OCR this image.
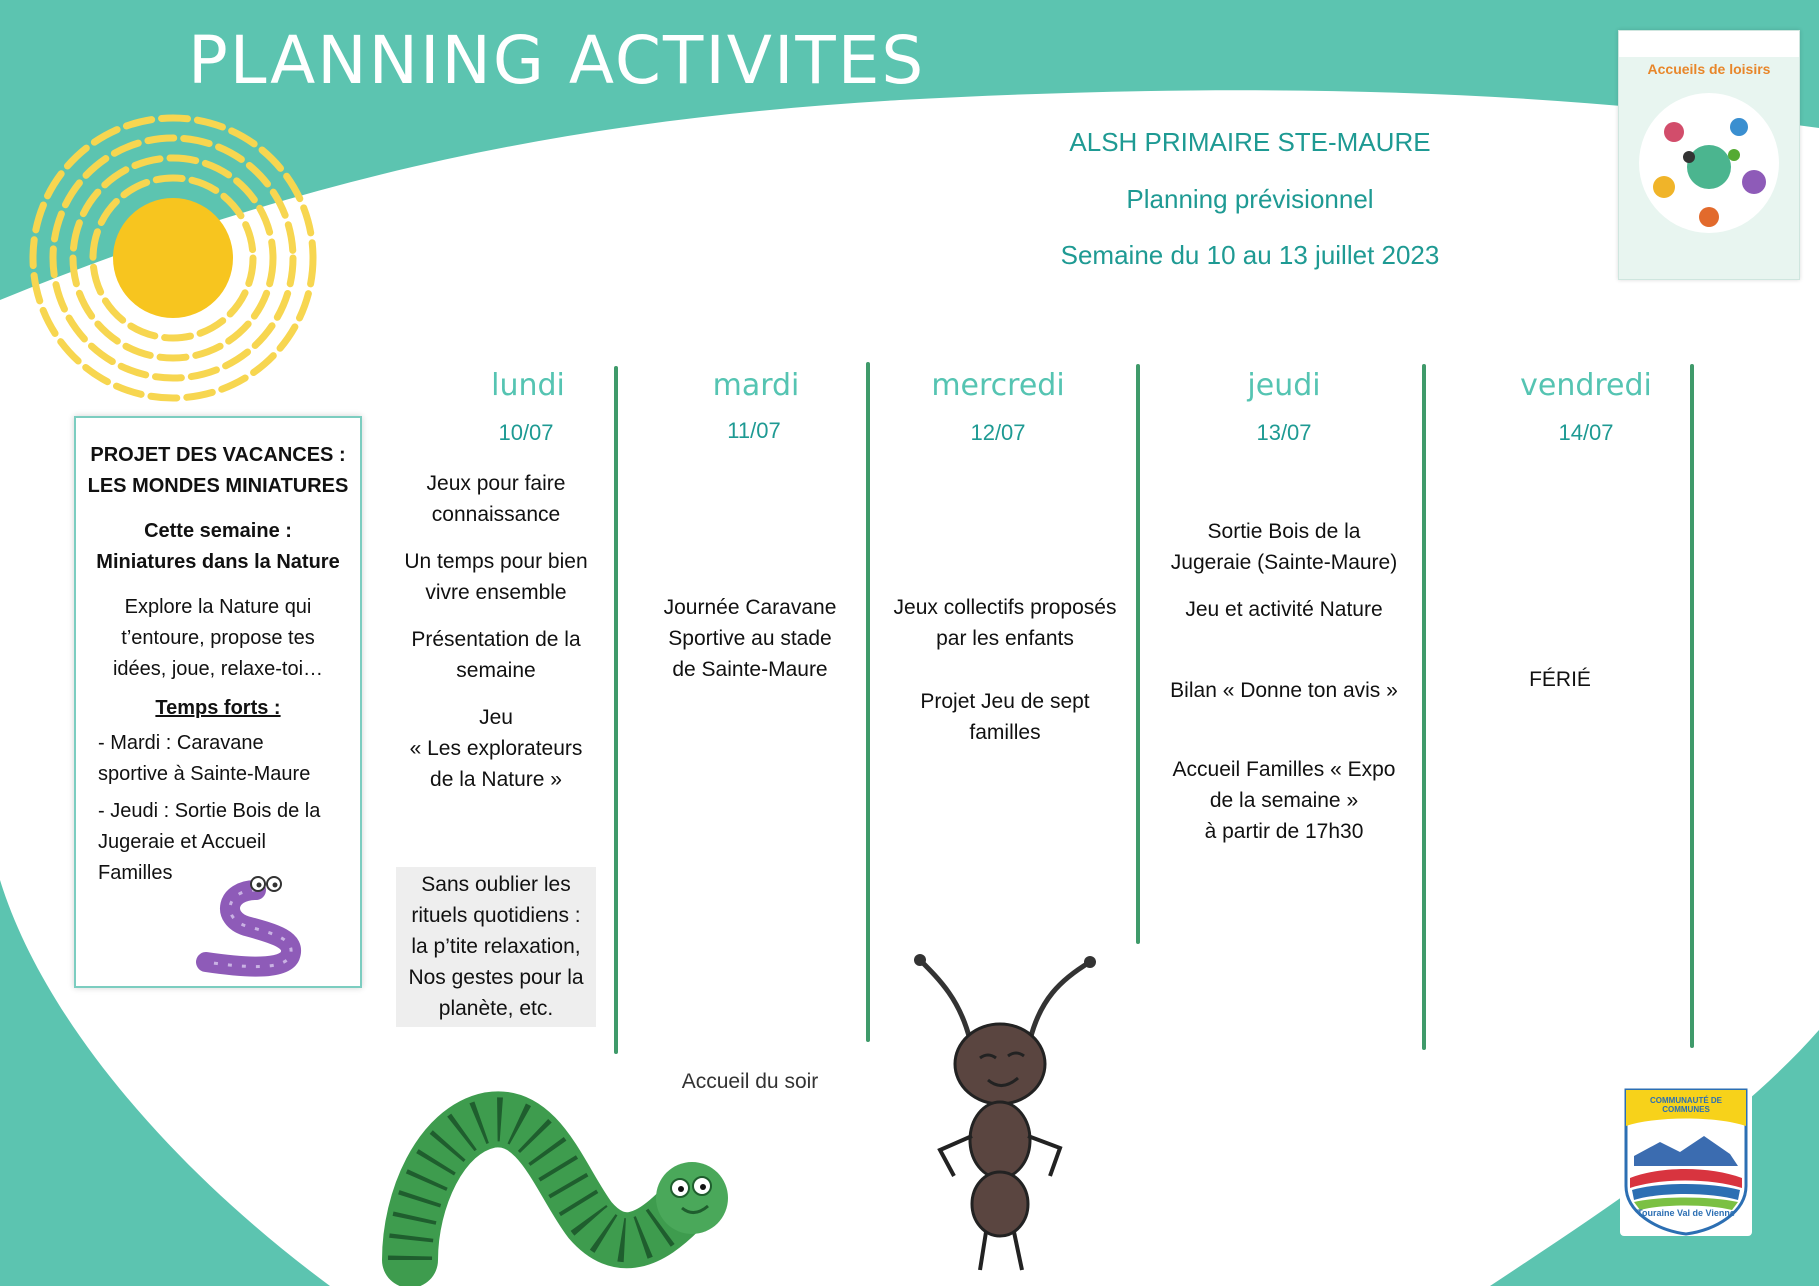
PLANNING ACTIVITES
ALSH PRIMAIRE STE-MAURE
Planning prévisionnel
Semaine du 10 au 13 juillet 2023
Accueils de loisirs
lundi
10/07
mardi
11/07
mercredi
12/07
jeudi
13/07
vendredi
14/07
PROJET DES VACANCES :
LES MONDES MINIATURES
Cette semaine :
Miniatures dans la Nature
Explore la Nature qui
t’entoure, propose tes
idées, joue, relaxe-toi…
Temps forts :
- Mardi : Caravane
sportive à Sainte-Maure
- Jeudi : Sortie Bois de la
Jugeraie et Accueil
Familles

Jeux pour faire
connaissance

Un temps pour bien
vivre ensemble

Présentation de la
semaine

Jeu
« Les explorateurs
de la Nature »

Sans oublier les
rituels quotidiens :
la p’tite relaxation,
Nos gestes pour la
planète, etc.

Journée Caravane
Sportive au stade
de Sainte-Maure

Accueil du soir

Jeux collectifs proposés
par les enfants

Projet Jeu de sept
familles

Sortie Bois de la
Jugeraie (Sainte-Maure)

Jeu et activité Nature

Bilan « Donne ton avis »

Accueil Familles « Expo
de la semaine »
à partir de 17h30

FÉRIÉ

COMMUNAUTÉ DE COMMUNES
Touraine Val de Vienne
